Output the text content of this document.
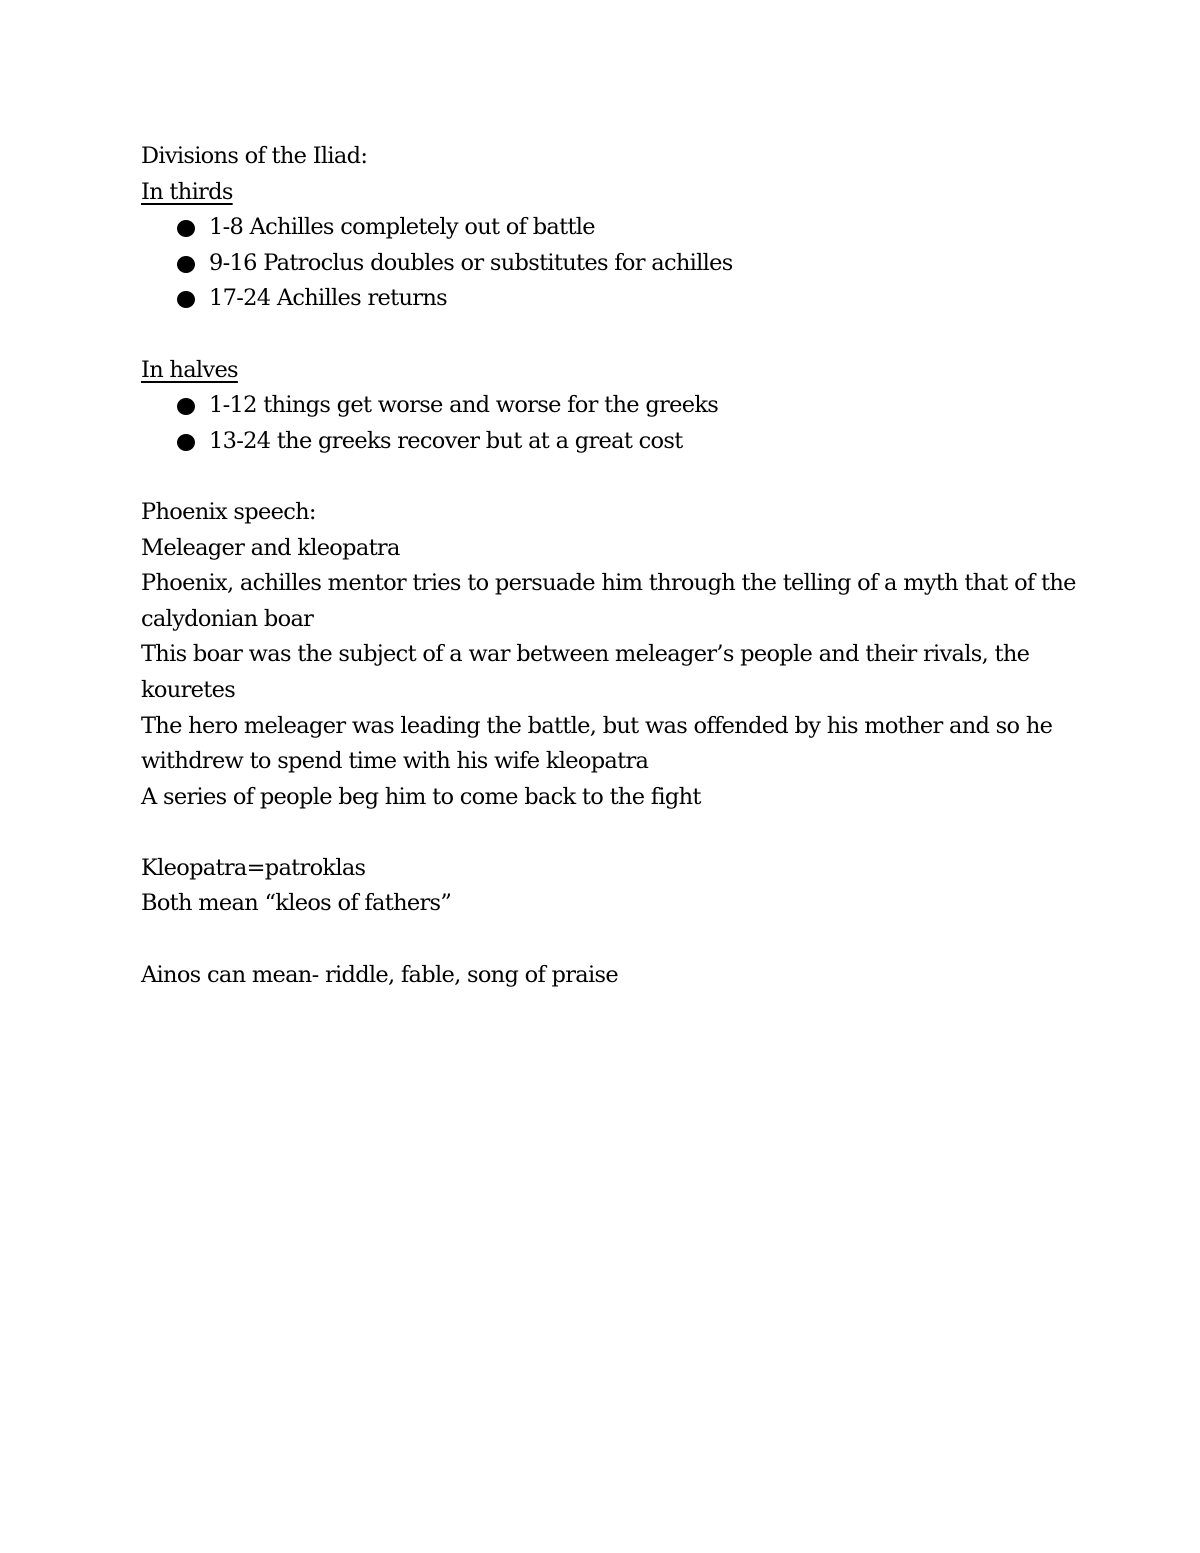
Divisions of the Iliad:
In thirds
1-8 Achilles completely out of battle
9-16 Patroclus doubles or substitutes for achilles
17-24 Achilles returns
In halves
1-12 things get worse and worse for the greeks
13-24 the greeks recover but at a great cost
Phoenix speech:
Meleager and kleopatra
Phoenix, achilles mentor tries to persuade him through the telling of a myth that of the calydonian boar
This boar was the subject of a war between meleager’s people and their rivals, the kouretes
The hero meleager was leading the battle, but was offended by his mother and so he withdrew to spend time with his wife kleopatra
A series of people beg him to come back to the fight
Kleopatra=patroklas
Both mean “kleos of fathers”
Ainos can mean- riddle, fable, song of praise
